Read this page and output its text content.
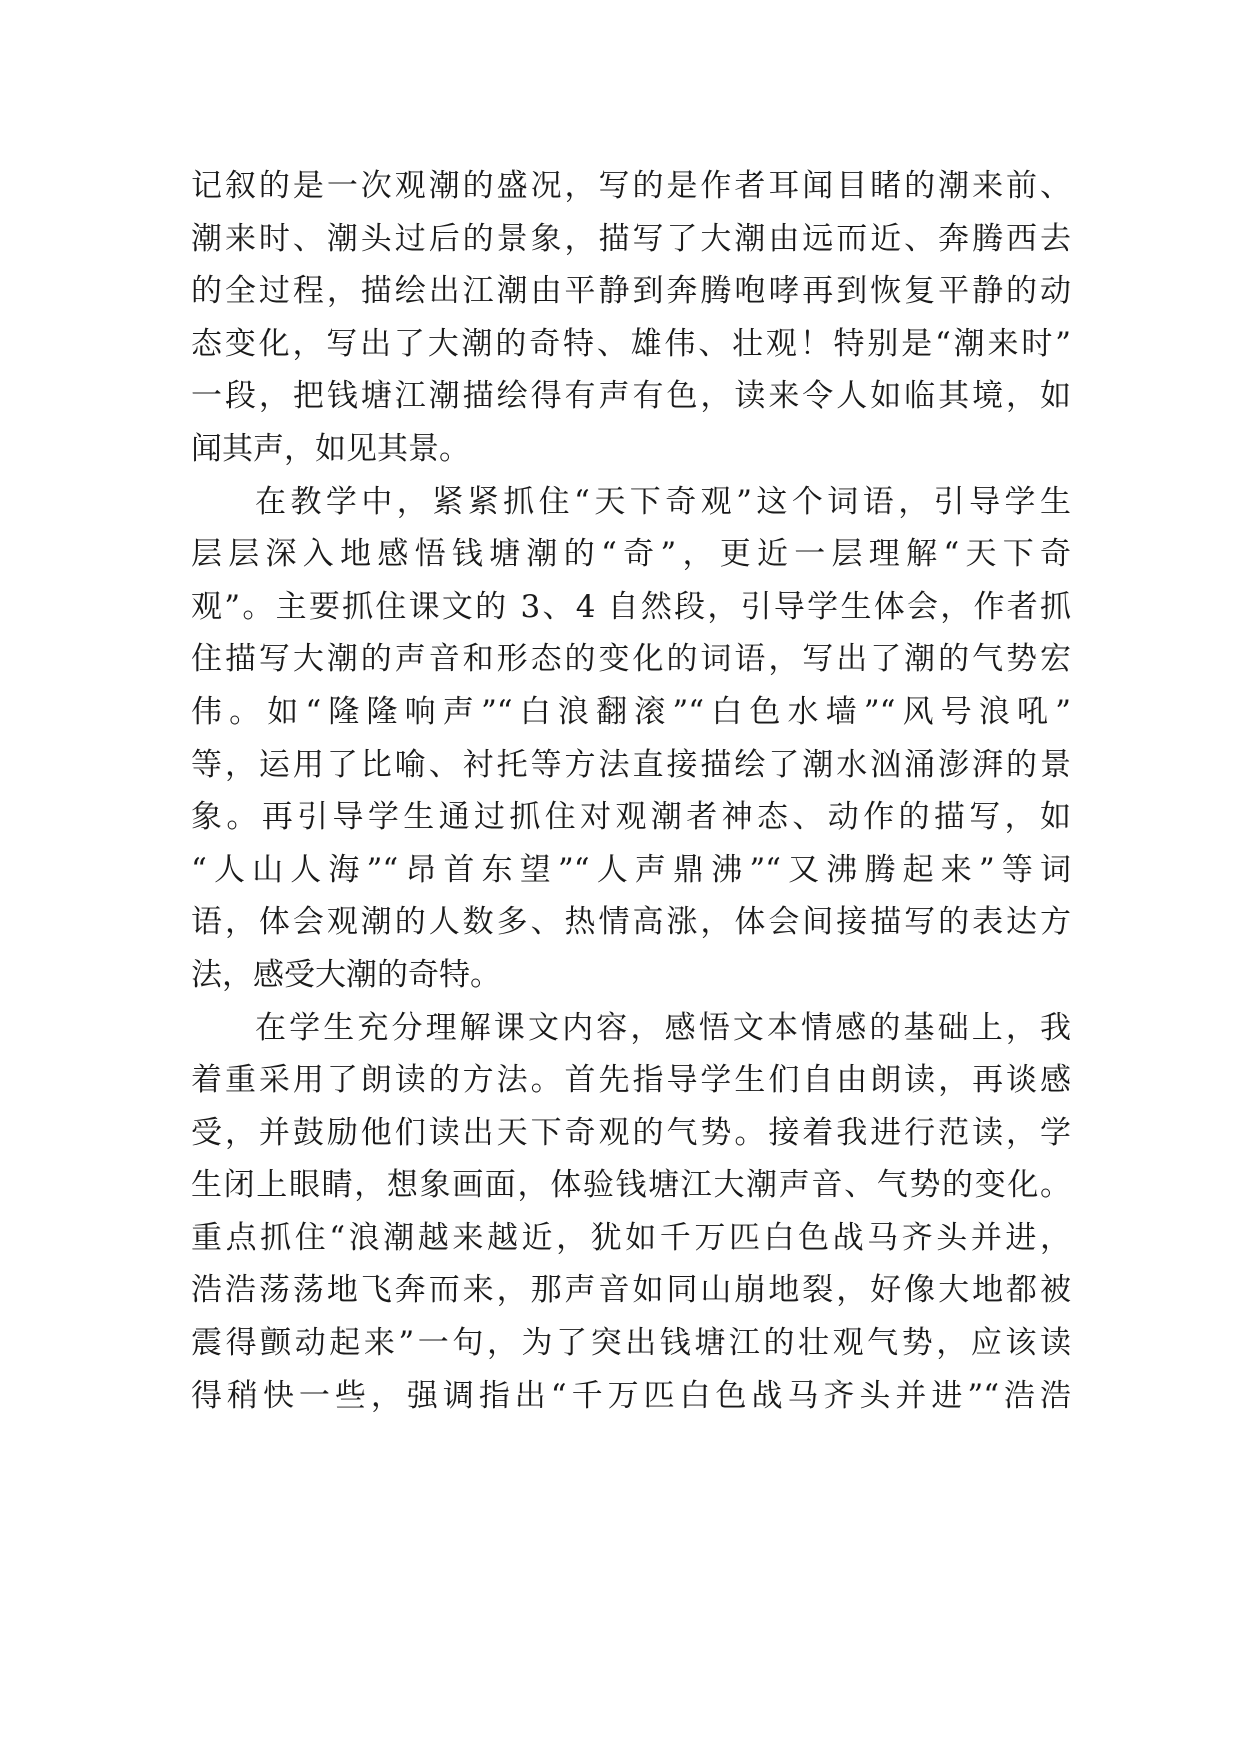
记叙的是一次观潮的盛况，写的是作者耳闻目睹的潮来前、
潮来时、潮头过后的景象，描写了大潮由远而近、奔腾西去
的全过程，描绘出江潮由平静到奔腾咆哮再到恢复平静的动
态变化，写出了大潮的奇特、雄伟、壮观！特别是“潮来时”
一段，把钱塘江潮描绘得有声有色，读来令人如临其境，如
闻其声，如见其景。
在教学中，紧紧抓住“天下奇观”这个词语，引导学生
层层深入地感悟钱塘潮的“奇”，更近一层理解“天下奇
观”。主要抓住课文的 3、4 自然段，引导学生体会，作者抓
住描写大潮的声音和形态的变化的词语，写出了潮的气势宏
伟。如“隆隆响声”“白浪翻滚”“白色水墙”“风号浪吼”
等，运用了比喻、衬托等方法直接描绘了潮水汹涌澎湃的景
象。再引导学生通过抓住对观潮者神态、动作的描写，如
“人山人海”“昂首东望”“人声鼎沸”“又沸腾起来”等词
语，体会观潮的人数多、热情高涨，体会间接描写的表达方
法，感受大潮的奇特。
在学生充分理解课文内容，感悟文本情感的基础上，我
着重采用了朗读的方法。首先指导学生们自由朗读，再谈感
受，并鼓励他们读出天下奇观的气势。接着我进行范读，学
生闭上眼睛，想象画面，体验钱塘江大潮声音、气势的变化。
重点抓住“浪潮越来越近，犹如千万匹白色战马齐头并进，
浩浩荡荡地飞奔而来，那声音如同山崩地裂，好像大地都被
震得颤动起来”一句，为了突出钱塘江的壮观气势，应该读
得稍快一些，强调指出“千万匹白色战马齐头并进”“浩浩
